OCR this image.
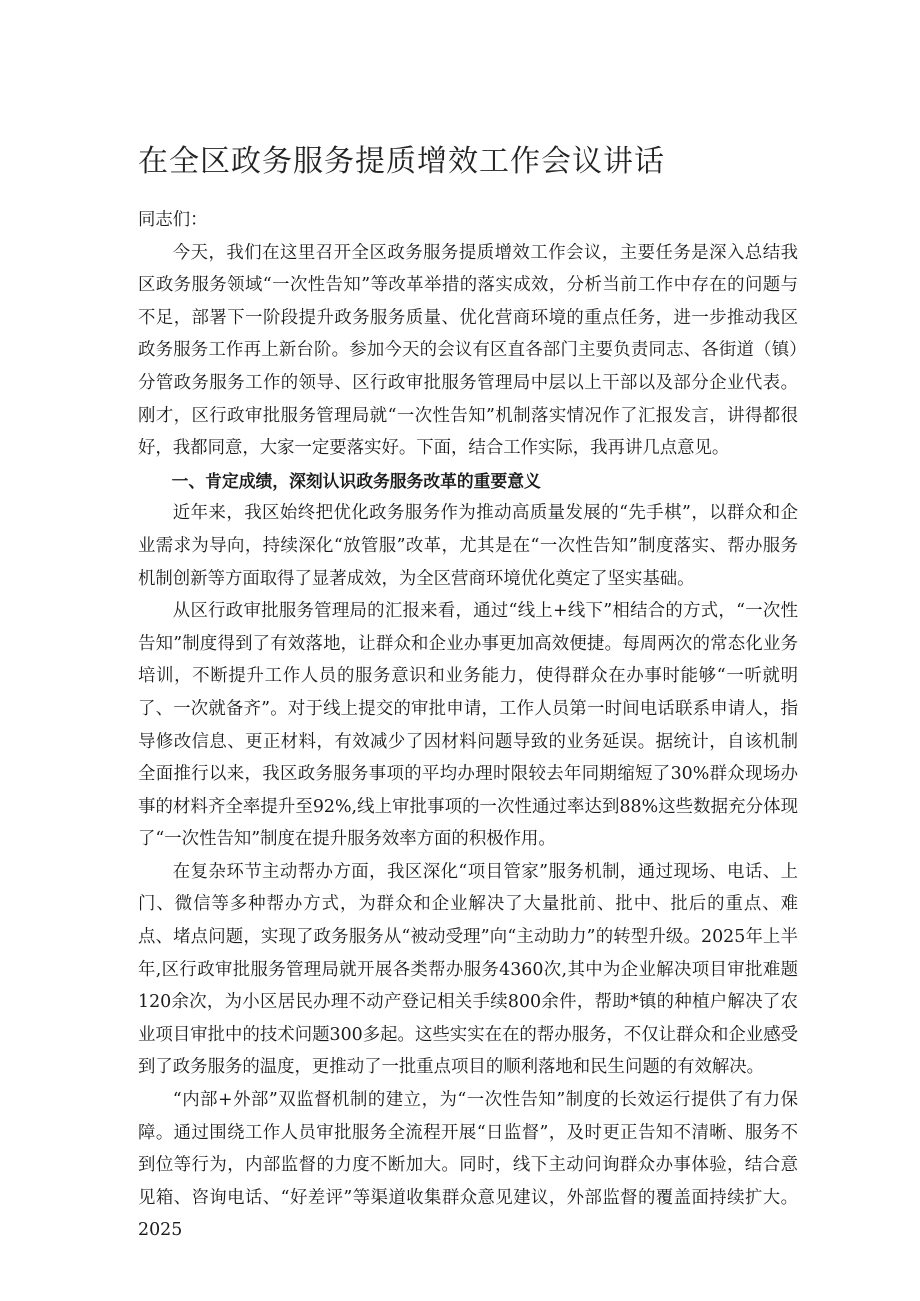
在全区政务服务提质增效工作会议讲话

同志们：

今天，我们在这里召开全区政务服务提质增效工作会议，主要任务是深入总结我区政务服务领域“一次性告知”等改革举措的落实成效，分析当前工作中存在的问题与不足，部署下一阶段提升政务服务质量、优化营商环境的重点任务，进一步推动我区政务服务工作再上新台阶。参加今天的会议有区直各部门主要负责同志、各街道（镇）分管政务服务工作的领导、区行政审批服务管理局中层以上干部以及部分企业代表。刚才，区行政审批服务管理局就“一次性告知”机制落实情况作了汇报发言，讲得都很好，我都同意，大家一定要落实好。下面，结合工作实际，我再讲几点意见。

一、肯定成绩，深刻认识政务服务改革的重要意义

近年来，我区始终把优化政务服务作为推动高质量发展的“先手棋”，以群众和企业需求为导向，持续深化“放管服”改革，尤其是在“一次性告知”制度落实、帮办服务机制创新等方面取得了显著成效，为全区营商环境优化奠定了坚实基础。

从区行政审批服务管理局的汇报来看，通过“线上+线下”相结合的方式，“一次性告知”制度得到了有效落地，让群众和企业办事更加高效便捷。每周两次的常态化业务培训，不断提升工作人员的服务意识和业务能力，使得群众在办事时能够“一听就明了、一次就备齐”。对于线上提交的审批申请，工作人员第一时间电话联系申请人，指导修改信息、更正材料，有效减少了因材料问题导致的业务延误。据统计，自该机制全面推行以来，我区政务服务事项的平均办理时限较去年同期缩短了30%群众现场办事的材料齐全率提升至92%,线上审批事项的一次性通过率达到88%这些数据充分体现了“一次性告知”制度在提升服务效率方面的积极作用。

在复杂环节主动帮办方面，我区深化“项目管家”服务机制，通过现场、电话、上门、微信等多种帮办方式，为群众和企业解决了大量批前、批中、批后的重点、难点、堵点问题，实现了政务服务从“被动受理”向“主动助力”的转型升级。2025年上半年,区行政审批服务管理局就开展各类帮办服务4360次,其中为企业解决项目审批难题120余次，为小区居民办理不动产登记相关手续800余件，帮助*镇的种植户解决了农业项目审批中的技术问题300多起。这些实实在在的帮办服务，不仅让群众和企业感受到了政务服务的温度，更推动了一批重点项目的顺利落地和民生问题的有效解决。

“内部+外部”双监督机制的建立，为“一次性告知”制度的长效运行提供了有力保障。通过围绕工作人员审批服务全流程开展“日监督”，及时更正告知不清晰、服务不到位等行为，内部监督的力度不断加大。同时，线下主动问询群众办事体验，结合意见箱、咨询电话、“好差评”等渠道收集群众意见建议，外部监督的覆盖面持续扩大。2025
